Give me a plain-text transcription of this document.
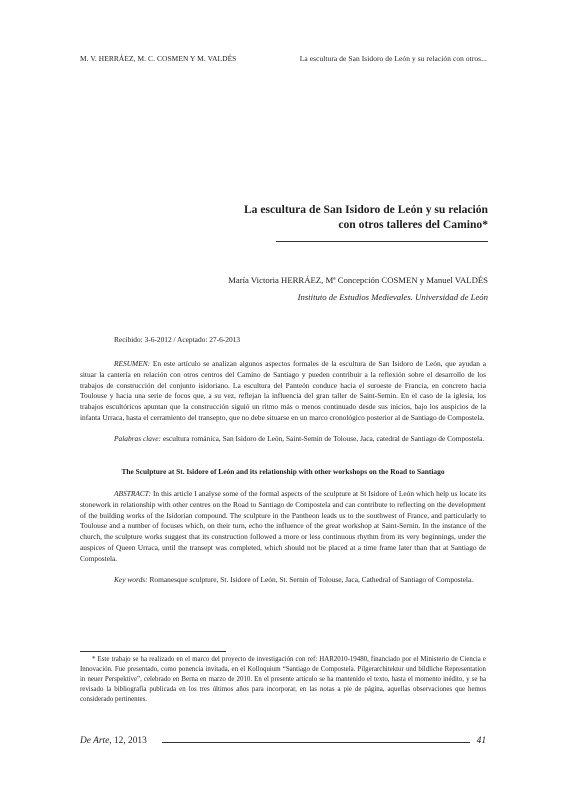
M. V. HERRÁEZ, M. C. COSMEN Y M. VALDÉS	La escultura de San Isidoro de León y su relación con otros...
La escultura de San Isidoro de León y su relación
con otros talleres del Camino*
María Victoria HERRÁEZ, Mª Concepción COSMEN y Manuel VALDÉS
Instituto de Estudios Medievales. Universidad de León
Recibido: 3-6-2012 / Aceptado: 27-6-2013

RESUMEN: En este artículo se analizan algunos aspectos formales de la escultura de San Isidoro de León, que ayudan a situar la cantería en relación con otros centros del Camino de Santiago y pueden contribuir a la reflexión sobre el desarrollo de los trabajos de construcción del conjunto isidoriano. La escultura del Panteón conduce hacia el suroeste de Francia, en concreto hacia Toulouse y hacia una serie de focos que, a su vez, reflejan la influencia del gran taller de Saint-Semin. En el caso de la iglesia, los trabajos escultóricos apuntan que la construcción siguió un ritmo más o menos continuado desde sus inicios, bajo los auspicios de la infanta Urraca, hasta el cerramiento del transepto, que no debe situarse en un marco cronológico posterior al de Santiago de Compostela.

Palabras clave: escultura románica, San Isidoro de León, Saint-Semin de Tolouse, Jaca, catedral de Santiago de Compostela.

The Sculpture at St. Isidore of León and its relationship with other workshops on the Road to Santiago

ABSTRACT: In this article I analyse some of the formal aspects of the sculpture at St Isidore of León which help us locate its stonework in relationship with other centres on the Road to Santiago de Compostela and can contribute to reflecting on the development of the building works of the Isidorian compound. The sculpture in the Pantheon leads us to the southwest of France, and particularly to Toulouse and a number of focuses which, on their turn, echo the influence of the great workshop at Saint-Sernin. In the instance of the church, the sculpture works suggest that its construction followed a more or less continuous rhythm from its very beginnings, under the auspices of Queen Urraca, until the transept was completed, which should not be placed at a time frame later than that at Santiago de Compostela.

Key words: Romanesque sculpture, St. Isidore of León, St. Sernin of Tolouse, Jaca, Cathedral of Santiago of Compostela.

* Este trabajo se ha realizado en el marco del proyecto de investigación con ref: HAR2010-19480, financiado por el Ministerio de Ciencia e Innovación. Fue presentado, como ponencia invitada, en el Kolloquium “Santiago de Compostela. Pilgerarchitektur und bildliche Representation in neuer Perspektive”, celebrado en Berna en marzo de 2010. En el presente artículo se ha mantenido el texto, hasta el momento inédito, y se ha revisado la bibliografía publicada en los tres últimos años para incorporar, en las notas a pie de página, aquellas observaciones que hemos considerado pertinentes.

De Arte, 12, 2013	41
